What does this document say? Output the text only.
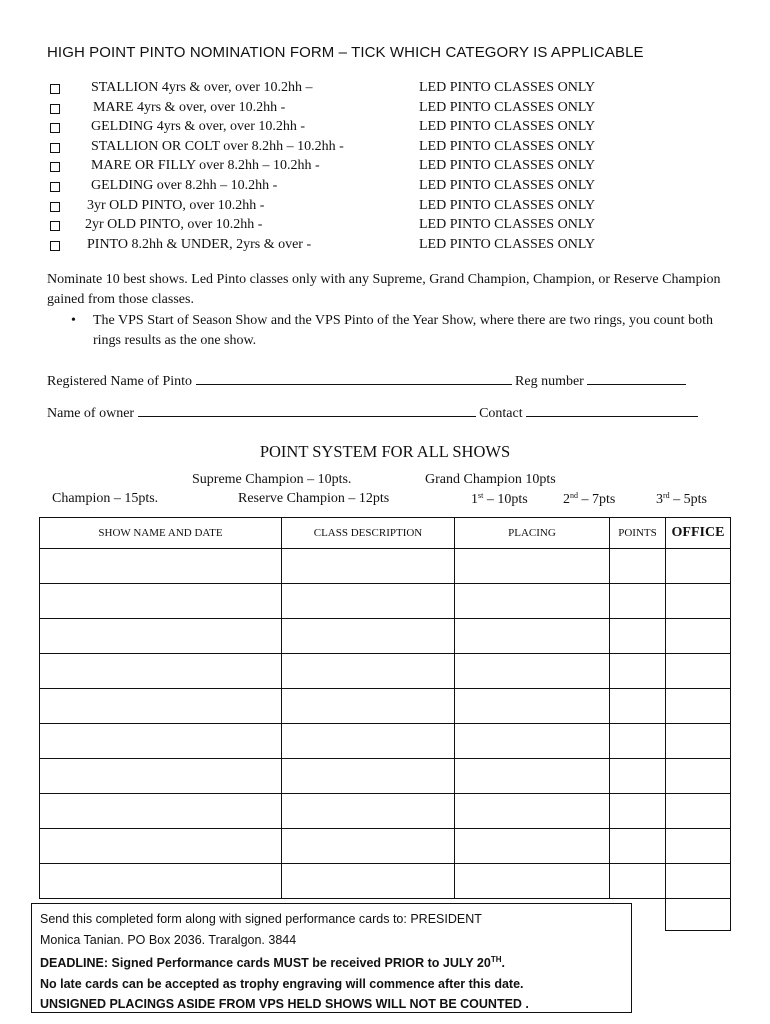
HIGH POINT PINTO NOMINATION FORM – TICK WHICH CATEGORY IS APPLICABLE
STALLION 4yrs & over, over 10.2hh –	LED PINTO CLASSES ONLY
MARE 4yrs & over, over 10.2hh -	LED PINTO CLASSES ONLY
GELDING 4yrs & over, over 10.2hh -	LED PINTO CLASSES ONLY
STALLION OR COLT over 8.2hh – 10.2hh -	LED PINTO CLASSES ONLY
MARE OR FILLY over 8.2hh – 10.2hh -	LED PINTO CLASSES ONLY
GELDING over 8.2hh – 10.2hh -	LED PINTO CLASSES ONLY
3yr OLD PINTO, over 10.2hh -	LED PINTO CLASSES ONLY
2yr OLD PINTO, over 10.2hh -	LED PINTO CLASSES ONLY
PINTO 8.2hh & UNDER, 2yrs & over -	LED PINTO CLASSES ONLY
Nominate 10 best shows. Led Pinto classes only with any Supreme, Grand Champion, Champion, or Reserve Champion gained from those classes.
• The VPS Start of Season Show and the VPS Pinto of the Year Show, where there are two rings, you count both rings results as the one show.
Registered Name of Pinto	Reg number
Name of owner	Contact
POINT SYSTEM FOR ALL SHOWS
Supreme Champion – 10pts.	Grand Champion 10pts
Champion – 15pts.	Reserve Champion – 12pts	1st – 10pts	2nd – 7pts	3rd – 5pts
SHOW NAME AND DATE	CLASS DESCRIPTION	PLACING	POINTS	OFFICE

Send this completed form along with signed performance cards to: PRESIDENT
Monica Tanian. PO Box 2036. Traralgon. 3844
DEADLINE: Signed Performance cards MUST be received PRIOR to JULY 20TH.
No late cards can be accepted as trophy engraving will commence after this date.
UNSIGNED PLACINGS ASIDE FROM VPS HELD SHOWS WILL NOT BE COUNTED .
